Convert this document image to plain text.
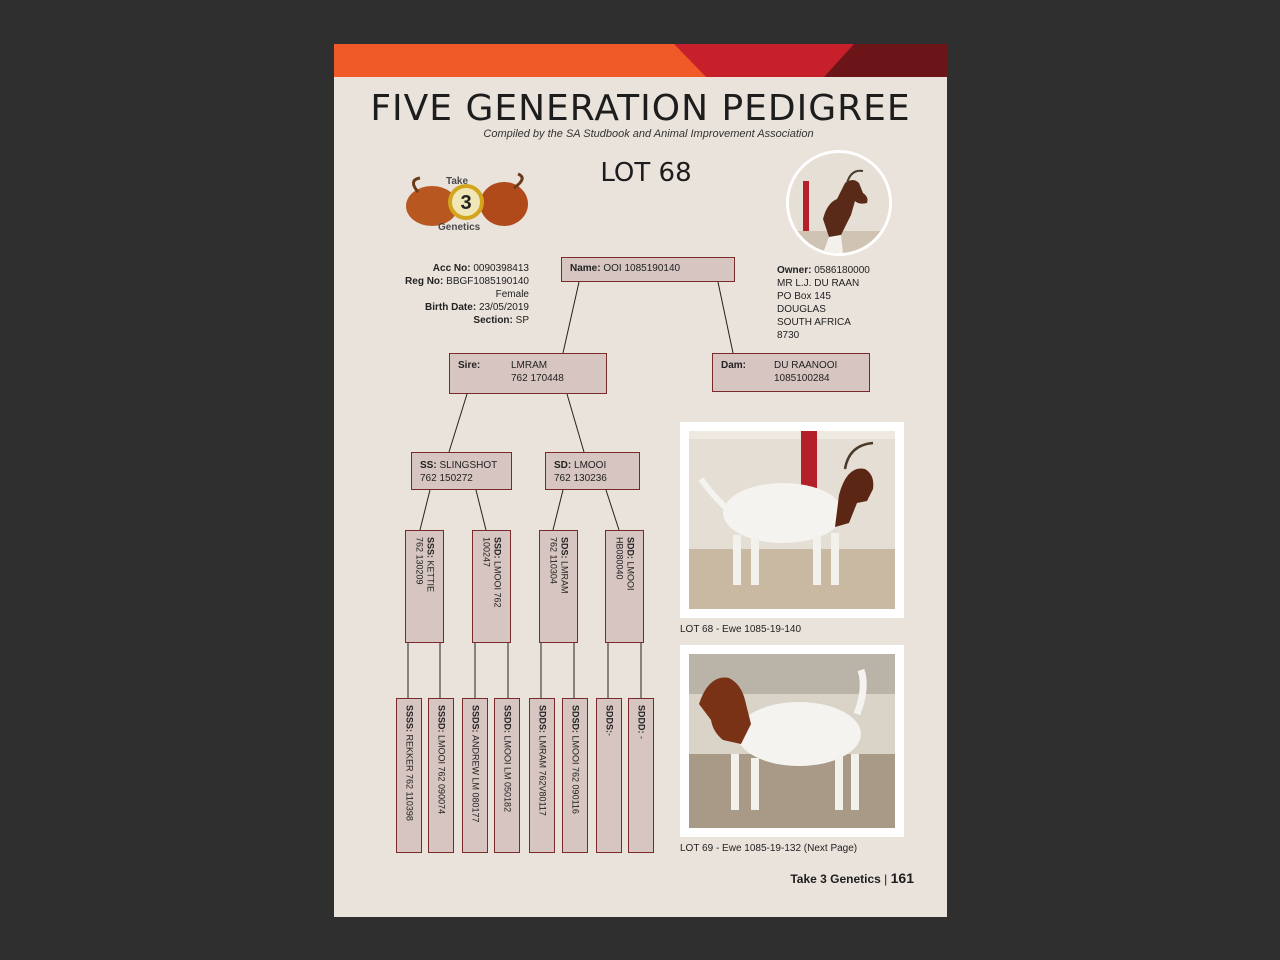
FIVE GENERATION PEDIGREE
Compiled by the SA Studbook and Animal Improvement Association
LOT 68
3
Take
Genetics
Acc No: 0090398413
Reg No: BBGF1085190140
Female
Birth Date: 23/05/2019
Section: SP
Owner: 0586180000
MR L.J. DU RAAN
PO Box 145
DOUGLAS
SOUTH AFRICA
8730
Name: OOI 1085190140
Sire:	LMRAM
762 170448
Dam:	DU RAANOOI
1085100284
SS: SLINGSHOT
762 150272
SD: LMOOI
762 130236
SSS: KETTIE
762 130209	SSD: LMOOI 762
100247	SDS: LMRAM
762 110304	SDD: LMOOI
HB080040
SSSS: REKKER 762 110398
SSSD: LMOOI 762 090074
SSDS: ANDREW LM 080177
SSDD: LMOOI LM 050182
SDDS: LMRAM 762V80117
SDSD: LMOOI 762 090116
SDDS:-
SDDD: -
LOT 68 - Ewe 1085-19-140
LOT 69 - Ewe 1085-19-132 (Next Page)
Take 3 Genetics | 161
